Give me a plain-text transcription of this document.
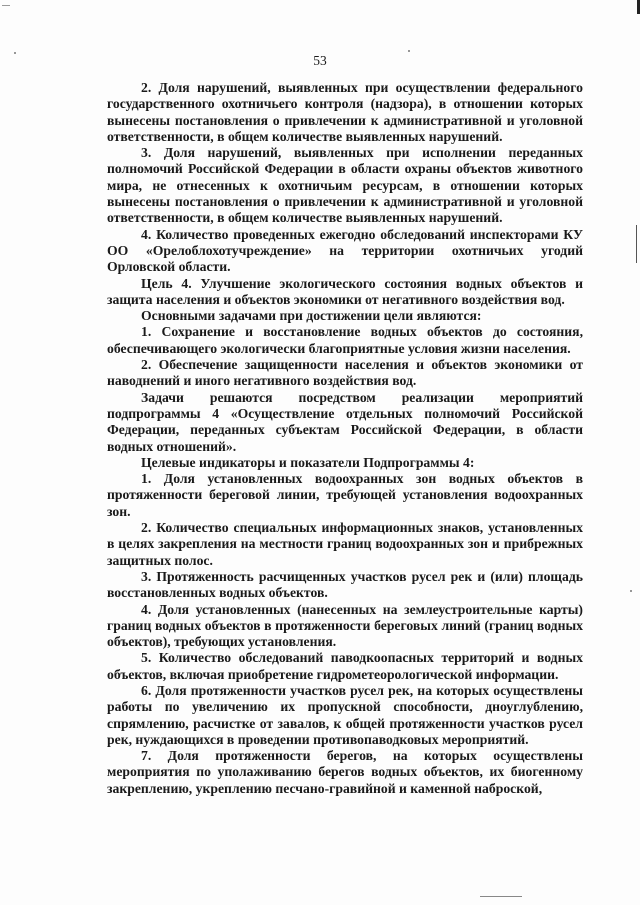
53

2. Доля нарушений, выявленных при осуществлении федерального государственного охотничьего контроля (надзора), в отношении которых вынесены постановления о привлечении к административной и уголовной ответственности, в общем количестве выявленных нарушений.

3. Доля нарушений, выявленных при исполнении переданных полномочий Российской Федерации в области охраны объектов животного мира, не отнесенных к охотничьим ресурсам, в отношении которых вынесены постановления о привлечении к административной и уголовной ответственности, в общем количестве выявленных нарушений.

4. Количество проведенных ежегодно обследований инспекторами КУ ОО «Орелоблохотучреждение» на территории охотничьих угодий Орловской области.

Цель 4. Улучшение экологического состояния водных объектов и защита населения и объектов экономики от негативного воздействия вод.

Основными задачами при достижении цели являются:

1. Сохранение и восстановление водных объектов до состояния, обеспечивающего экологически благоприятные условия жизни населения.

2. Обеспечение защищенности населения и объектов экономики от наводнений и иного негативного воздействия вод.

Задачи решаются посредством реализации мероприятий подпрограммы 4 «Осуществление отдельных полномочий Российской Федерации, переданных субъектам Российской Федерации, в области водных отношений».

Целевые индикаторы и показатели Подпрограммы 4:

1. Доля установленных водоохранных зон водных объектов в протяженности береговой линии, требующей установления водоохранных зон.

2. Количество специальных информационных знаков, установленных в целях закрепления на местности границ водоохранных зон и прибрежных защитных полос.

3. Протяженность расчищенных участков русел рек и (или) площадь восстановленных водных объектов.

4. Доля установленных (нанесенных на землеустроительные карты) границ водных объектов в протяженности береговых линий (границ водных объектов), требующих установления.

5. Количество обследований паводкоопасных территорий и водных объектов, включая приобретение гидрометеорологической информации.

6. Доля протяженности участков русел рек, на которых осуществлены работы по увеличению их пропускной способности, дноуглублению, спрямлению, расчистке от завалов, к общей протяженности участков русел рек, нуждающихся в проведении противопаводковых мероприятий.

7. Доля протяженности берегов, на которых осуществлены мероприятия по уполаживанию берегов водных объектов, их биогенному закреплению, укреплению песчано-гравийной и каменной наброской,
